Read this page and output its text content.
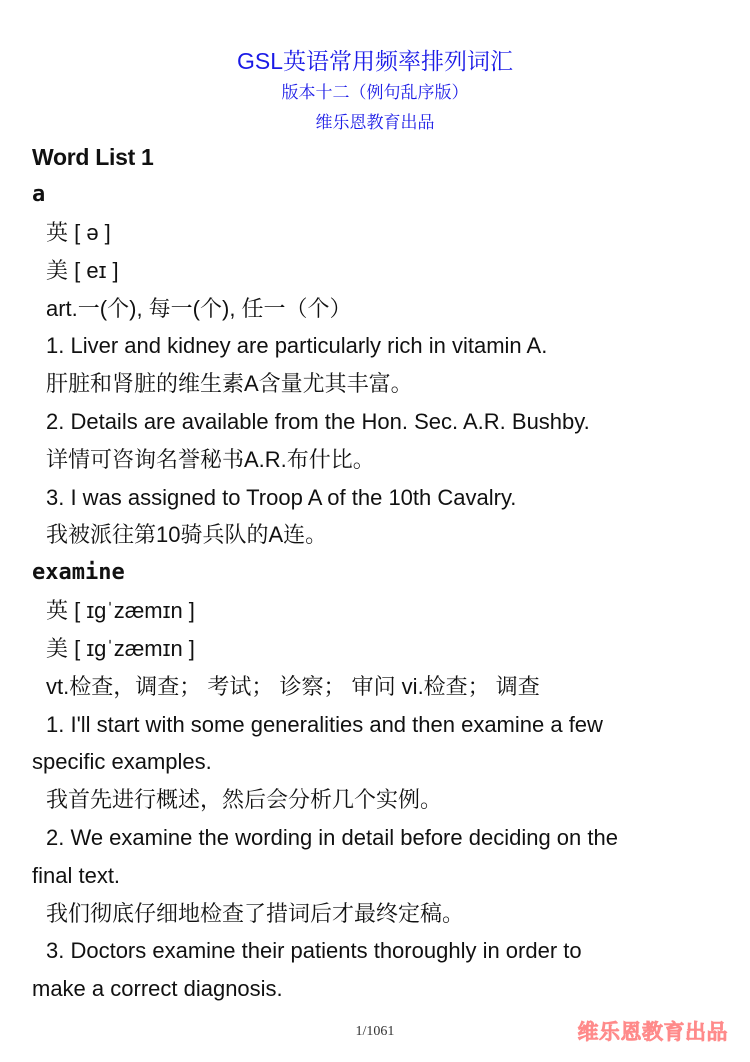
GSL英语常用频率排列词汇
版本十二（例句乱序版）
维乐恩教育出品
Word List 1
a
英 [ ə ]
美 [ eɪ ]
art.一(个), 每一(个), 任一（个）
1. Liver and kidney are particularly rich in vitamin A.
肝脏和肾脏的维生素A含量尤其丰富。
2. Details are available from the Hon. Sec. A.R. Bushby.
详情可咨询名誉秘书A.R.布什比。
3. I was assigned to Troop A of the 10th Cavalry.
我被派往第10骑兵队的A连。
examine
英 [ ɪɡˈzæmɪn ]
美 [ ɪɡˈzæmɪn ]
vt.检查，调查； 考试； 诊察； 审问 vi.检查； 调查
1. I'll start with some generalities and then examine a few
specific examples.
我首先进行概述，然后会分析几个实例。
2. We examine the wording in detail before deciding on the
final text.
我们彻底仔细地检查了措词后才最终定稿。
3. Doctors examine their patients thoroughly in order to
make a correct diagnosis.
1/1061	维乐恩教育出品
